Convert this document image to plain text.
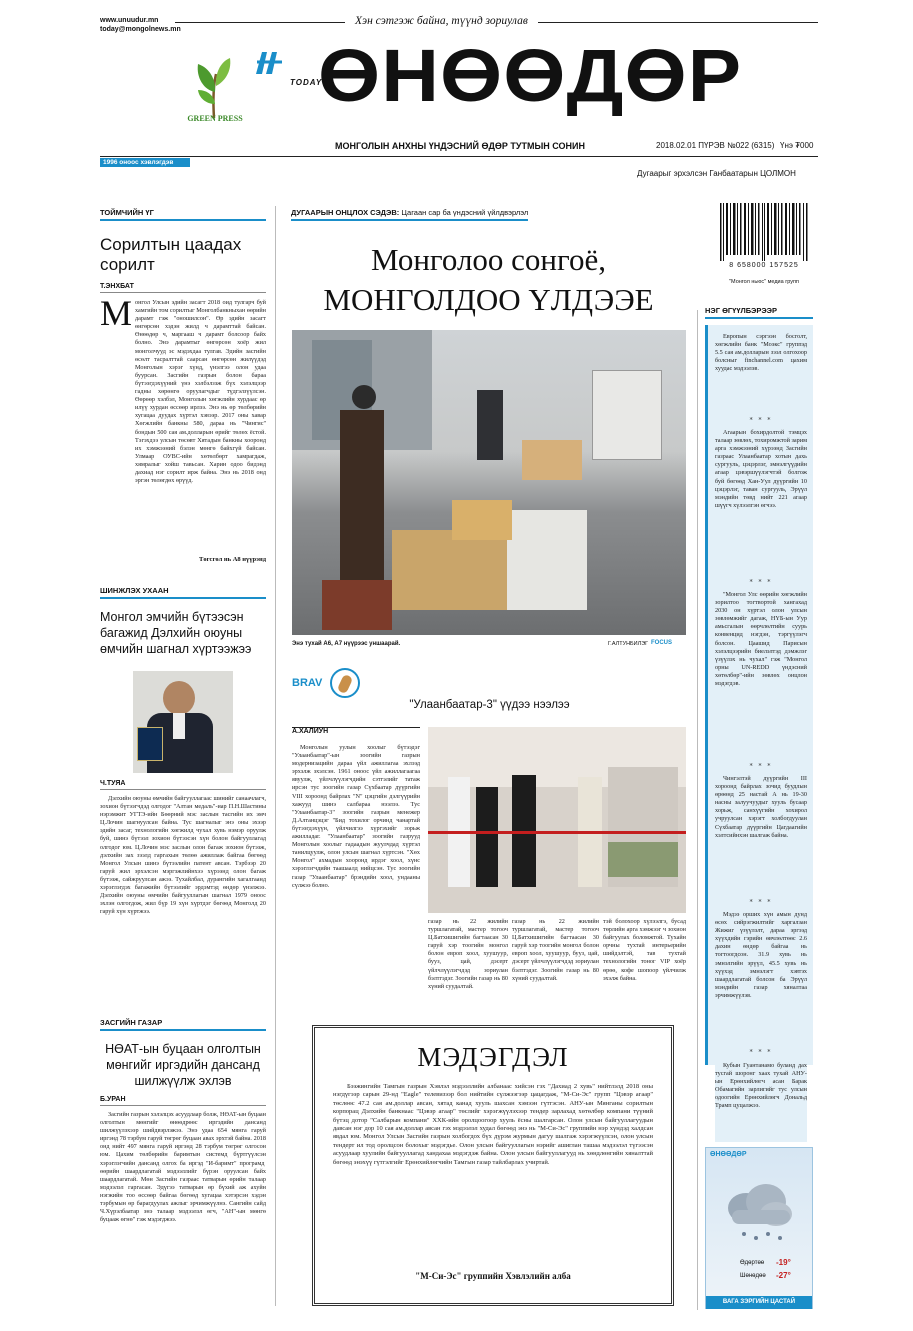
www.unuudur.mn
today@mongolnews.mn
Хэн сэтгэж байна, түүнд зориулав
GREEN PRESS
TODAY
ӨНӨӨДӨР
МОНГОЛЫН АНХНЫ ҮНДЭСНИЙ ӨДӨР ТУТМЫН СОНИН	2018.02.01 ПҮРЭВ №022 (6315) Үнэ ₮000
1996 оноос хэвлэгдэв
Дугаарыг эрхэлсэн Ганбаатарын ЦОЛМОН
ТОЙМЧИЙН ҮГ
Сорилтын цаадах сорилт
Т.ЭНХБАТ
М онгол Улсын эдийн засагт 2018 оид тулгарч буй хамгийн том сорилтыг Монголбанкныхан өөрийн дарамт гэж "оношилсон". Өр эдийн засагт өнгөрсөн хэдэн жилд ч дарамттай байсан. Өнөөдөр ч, маргааш ч дарамт болсоор байх болно. Энэ дарамтыг өнгөрсөн хоёр жил монголчууд эс мэдэхдаа тулгав. Эдийн засгийн өсөлт тасралттай саарсан өнгөрсөн жилүүдэд Монголын хэрэг хүнд, үнэлгээ олон удаа буурсан. Засгийн газрын болон бараа бүтээгдэхүүний үнэ хэлбэлзэж бүх хэлэлцээр гадны хөрөнгө оруулагчдыг түдгэлзүүлсэн. Өөрөөр хэлбэл, Монголын хөгжлийн хурдаас өр илүү хурдан өссөөр ирлээ. Энэ нь өр төлбөрийн хугацаа дуудах хүртэл хэвээр. 2017 оны хавар Хөгжлийн банкны 580, дараа нь "Чингис" бондын 500 сая ам.долларын өрийг төлөх ёстой. Тэгэхдээ улсын төсөвт Хятадын банкны хооронд их хэмжээний бэлэн мөнгө байхгүй байсан. Улмаар ОУВС-ийн хөтөлбөрт хамрагдаж, хямралыг хойш тавьсан. Харин одоо бидэнд дахиад нэг сорилт ирж байна. Энэ нь 2018 онд эргэн төлөгдөх өрүүд.

Төгсгөл нь А8 нүүрэнд
ШИНЖЛЭХ УХААН
Монгол эмчийн бүтээсэн багажид Дэлхийн оюуны өмчийн шагнал хүртээжээ
Ч.ТУЯА

Дэлхийн оюуны өмчийн байгууллагаас шинийг санаачлагч, зохион бүтээгчдэд олгодог "Алтан медаль"-иар П.Н.Шастины нэрэмжит УГТЭ-ийн Бөөрний мэс заслын тасгийн их эмч Ц.Лочин шагнуулсан байна. Тус шагналыг энэ оны эхээр эдийн засаг, технологийн хөгжилд чухал хувь нэмэр оруулж буй, шинэ бүтээл зохион бүтээсэн хүн болон байгууллагад олгодог юм. Ц.Лочин мэс заслын олон багаж зохион бүтээж, дэлхийн зах зээлд гаргахын төлөө ажиллаж байгаа бөгөөд Монгол Улсын шинэ бүтээлийн патент авсан. Тэрбээр 20 гаруй жил эрхэлсэн мэргэжлийнхээ хүрээнд олон багаж бүтээж, сайжруулсан ажээ. Тухайлбал, дурангийн хагалгаанд хэрэглэгдэх багажийн бүтээлийг эрдэмтэд өндөр үнэлжээ. Дэлхийн оюуны өмчийн байгууллагын шагнал 1979 оноос эхлэн олгогдож, жил бүр 19 хүн хүртдэг бөгөөд Монголд 20 гаруй хүн хүртжээ.

ЗАСГИЙН ГАЗАР
НӨАТ-ын буцаан олголтын мөнгийг иргэдийн дансанд шилжүүлж эхлэв
Б.УРАН

Засгийн газрын хэлэлцэх асуудлаар болж, НӨАТ-ын буцаан олголтын мөнгийг өнөөдрөөс иргэдийн дансанд шилжүүлэхээр шийдвэрлэжээ. Энэ удаа 654 мянга гаруй иргэнд 78 тэрбум гаруй төгрөг буцаан авах эрхтэй байна. 2018 онд нийт 497 мянга гаруй иргэнд 28 тэрбум төгрөг олгосон юм. Цахим төлбөрийн баримтын системд бүртгүүлсэн хэрэглэгчийн дансанд олгох ба иргэд "И-баримт" програмд ​​өөрийн шаардлагатай мэдээллийг бүрэн оруулсан байх шаардлагатай. Мөн Засгийн газраас татварын өрийн талаар мэдээлэл гаргасан. Эдүгээ татварын өр бүхий аж ахуйн нэгжийн тоо өссөөр байгаа бөгөөд хугацаа хэтэрсэн хэдэн тэрбумын өр барагдуулах ажлыг эрчимжүүлнэ. Сангийн сайд Ч.Хүрэлбаатар энэ талаар мэдээлэл өгч, "АН"-ын мөнгө буцааж өгнө" гэж мэдэгджээ.

ДУГААРЫН ОНЦЛОХ СЭДЭВ: Цагаан сар ба үндэсний үйлдвэрлэл
Монголоо сонгоё,
МОНГОЛДОО ҮЛДЭЭЕ
Энэ тухай А6, А7 нүүрээс уншаарай.	Г.АЛТУНБИЛЭГ FOCUS
BRAV
"Улаанбаатар-3" үүдээ нээлээ
А.ХАЛИУН

Монголын уулын хоолыг бүтээдэг "Улаанбаатар"-ын зоогийн газрын модернизацийн дараа үйл ажиллагаа эхлээд эрхэлж эхэлсэн. 1961 оноос үйл ажиллагаагаа явуулж, үйлчлүүлэгчдийн сэтгэлийг татаж ирсэн тус зоогийн газар Сүхбаатар дүүргийн VIII хороонд байрлах "N" цэцгийн дэлгүүрийн хажууд шинэ салбараа нээлээ. Тус "Улаанбаатар-3" зоогийн газрын менежер Д.Алтанцэцэг "Бид тохилог орчинд чанартай бүтээгдэхүүн, үйлчилгээ хүргэхийг зорьж ажилладаг. "Улаанбаатар" зоогийн газрууд Монголын хоолыг гадаадын жуулчдад хүртэл танилцуулж, олон улсын шагнал хүртсэн. "Хөх Монгол" ахмадын хооронд ирдэг хоол, хүнс хэрэглэгчдийн таашаалд нийцсэн. Тус зоогийн газар "Улаанбаатар" брэндийн хоол, ундааны сүлжээ болно.

газар нь 22 жилийн туршлагатай, мастер тогооч Ц.Батхишигийн багтаасан 30 гаруй хэр тоогийн монгол болон европ хоол, хуушуур, бууз, цай, дэсерт үйлчлүүлэгчдэд зориулан бэлтгэдэг. Зоогийн газар нь 80 хүний суудалтай.

газар нь 22 жилийн туршлагатай, мастер тогооч Ц.Батхишигийн багтаасан 30 гаруй хэр тоогийн монгол болон европ хоол, хуушуур, бууз, цай, дэсерт үйлчлүүлэгчдэд зориулан бэлтгэдэг. Зоогийн газар нь 80 хүний суудалтай.

тэй болохоор хүлээлгэ, бусад төрлийн арга хэмжээг ч зохион байгуулах боломжтой. Тухайн орчны тухтай интерьерийн шийдэлтэй, тав тухтай технологийн тоног VIP хоёр өрөө, кофе шопоор үйлчилж эхэлж байна.

МЭДЭГДЭЛ

Бээжингийн Тамгын газрын Хэвлэл мэдээллийн албанаас хийсэн гэх "Дахиад 2 хувь" нийтлэлд 2018 оны нэгдүгээр сарын 29-нд "Eagle" телевизээр бол нийтийн сүлжээгээр цацагдаж, "М-Си-Эс" групп "Цэвэр агаар" төслөөс 47.2 сая ам.доллар авсан, хятад канад хууль шахсан хэмээн гүтгэсэн. АНУ-ын Мянганы сорилтын корпорац Дэлхийн банкнаас "Цэвэр агаар" төслийг хэрэгжүүлэхээр тендер зарлахад хөтөлбөр компани түүний бүтэц дотор "Салбарын компани" ХХК-ийн оролцоогоор хууль ёсны шалгарсан. Олон улсын байгууллагуудын давсан нэг дор 10 сая ам.доллар авсан гэх мэдээлэл худал бөгөөд энэ нь "М-Си-Эс" группийн нэр хүндэд халдсан явдал юм. Монгол Улсын Засгийн газрын холбогдох бүх дүрэм журмын дагуу шалгаж хэрэгжүүлсэн, олон улсын тендерт ил тод оролцсон болохыг мэдэгдье. Олон улсын байгууллагын нэрийг ашиглан ташаа мэдээлэл түгээсэн асуудлаар хуулийн байгууллагад хандахаа мэдэгдэж байна. Олон улсын байгууллагууд нь хөндлөнгийн хяналттай бөгөөд энэхүү гүтгэлгийг Ерөнхийлөгчийн Тамгын газар тайлбарлах учиртай.

"М-Си-Эс" группийн Хэвлэлийн алба
8 658000 157525
"Монгол ньюс" медиа групп
НЭГ ӨГҮҮЛБЭРЭЭР

Европын сэргээн босголт, хөгжлийн банк "Моэкс" группэд 5.5 сая ам.долларын зээл олгохоор болсныг finchannel.com цахим хуудас мэдээлэв.

* * *

Агаарын бохирдолтой тэмцэх талаар зөвлөх, тохиромжтой зарим арга хэмжээний хүрээнд Засгийн газраас Улаанбаатар хотын дахь сургууль, цэцэрлэг, эмнэлгүүдийн агаар цэвэршүүлэгчтэй болгож буй бөгөөд Хан-Уул дүүргийн 10 цэцэрлэг, таван сургууль, Эрүүл мэндийн төвд нийт 221 агаар шүүгч хүлээлгэн өгчээ.

* * *

"Монгол Улс өөрийн хөгжлийн зорилтоо тогтвортой хангахад 2030 он хүртэл олон улсын зөвлөмжийг дагаж, НҮБ-ын Уур амьсгалын өөрчлөлтийн суурь конвенцид нэгдэн, тэргүүлэгч болсон. Цаашид Парисын хэлэлцээрийн биелэлтэд дэмжлэг үзүүлэх нь чухал" гэж "Монгол орны UN-REDD үндэсний хөтөлбөр"-ийн зөвлөх онцлон мэдэгдэв.

* * *

Чингэлтэй дүүргийн III хороонд байрлах зочид буудлын өрөөнд 25 настай А нь 19-30 насны залуучуудыг хууль бусаар хорьж, санхүүгийн хохирол учруулсан хэрэгт холбогдуулан Сүхбаатар дүүргийн Цагдаагийн хэлтсийнхэн шалгаж байна.

* * *

Мэдээ орших хүн амын дунд өсөх сийрэгжилтийг харгалзан Жижиг үзүүлэлт, дараа эргээд хүүхдийн гэрийн өвчлөлтөөс 2.6 дахин өндөр байгаа нь тогтоогдсон. 31.9 хувь нь эмнэлгийн эрүүл, 45.5 хувь нь хүүхэд эмнэлэгт хэвтэх шаардлагатай болсон ба Эрүүл мэндийн газар хяналтаа эрчимжүүлэв.

* * *

Кубын Гуантанамо буланд дах тусгай шоронг хаах тухай АНУ-ын Ерөнхийлөгч асан Барак Обамагийн зарлигийг тус улсын одоогийн Ерөнхийлөгч Дональд Трамп цуцалжээ.

ӨНӨӨДӨР
Өдөртөө -19°
Шөнөдөө -27°
ВАГА ЗЭРГИЙН ЦАСТАЙ
